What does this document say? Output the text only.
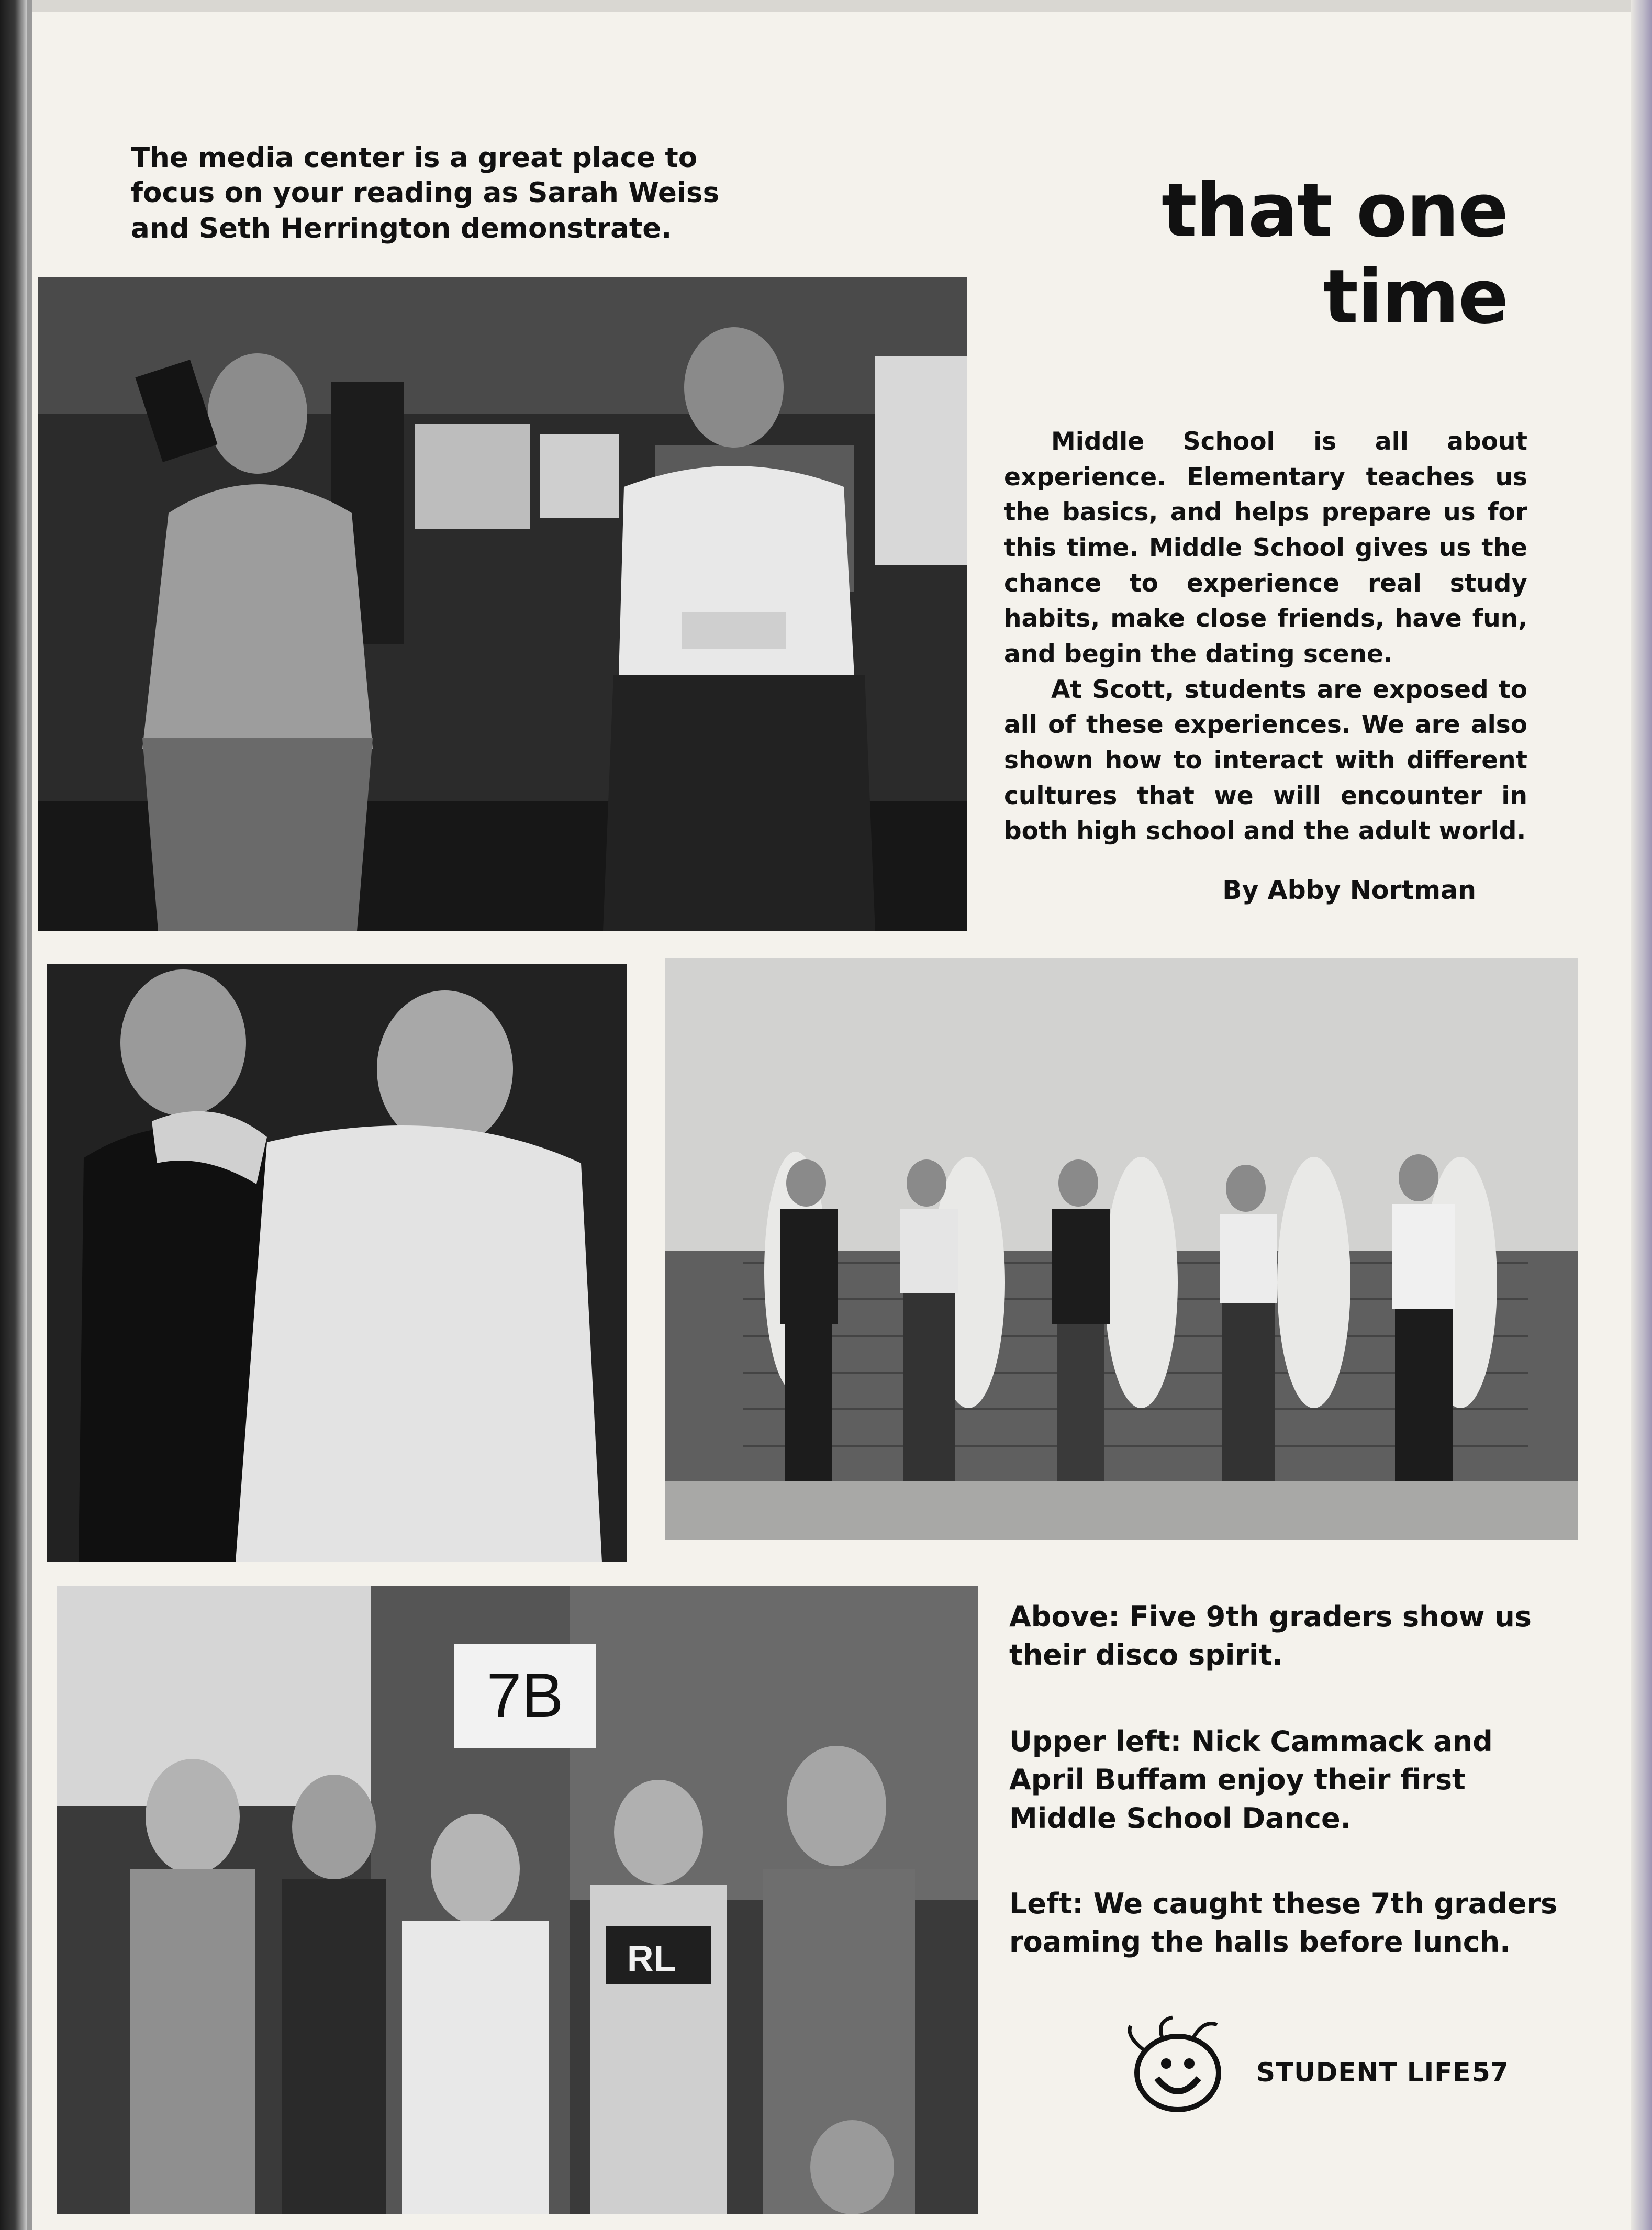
The media center is a great place to focus on your reading as Sarah Weiss and Seth Herrington demonstrate.	that one time

Middle School is all about experience. Elementary teaches us the basics, and helps prepare us for this time. Middle School gives us the chance to experience real study habits, make close friends, have fun, and begin the dating scene.

At Scott, students are exposed to all of these experiences. We are also shown how to interact with different cultures that we will encounter in both high school and the adult world.

By Abby Nortman
7B
RL
Above: Five 9th graders show us their disco spirit.
Upper left: Nick Cammack and April Buffam enjoy their first Middle School Dance.
Left: We caught these 7th graders roaming the halls before lunch.
STUDENT LIFE 57
